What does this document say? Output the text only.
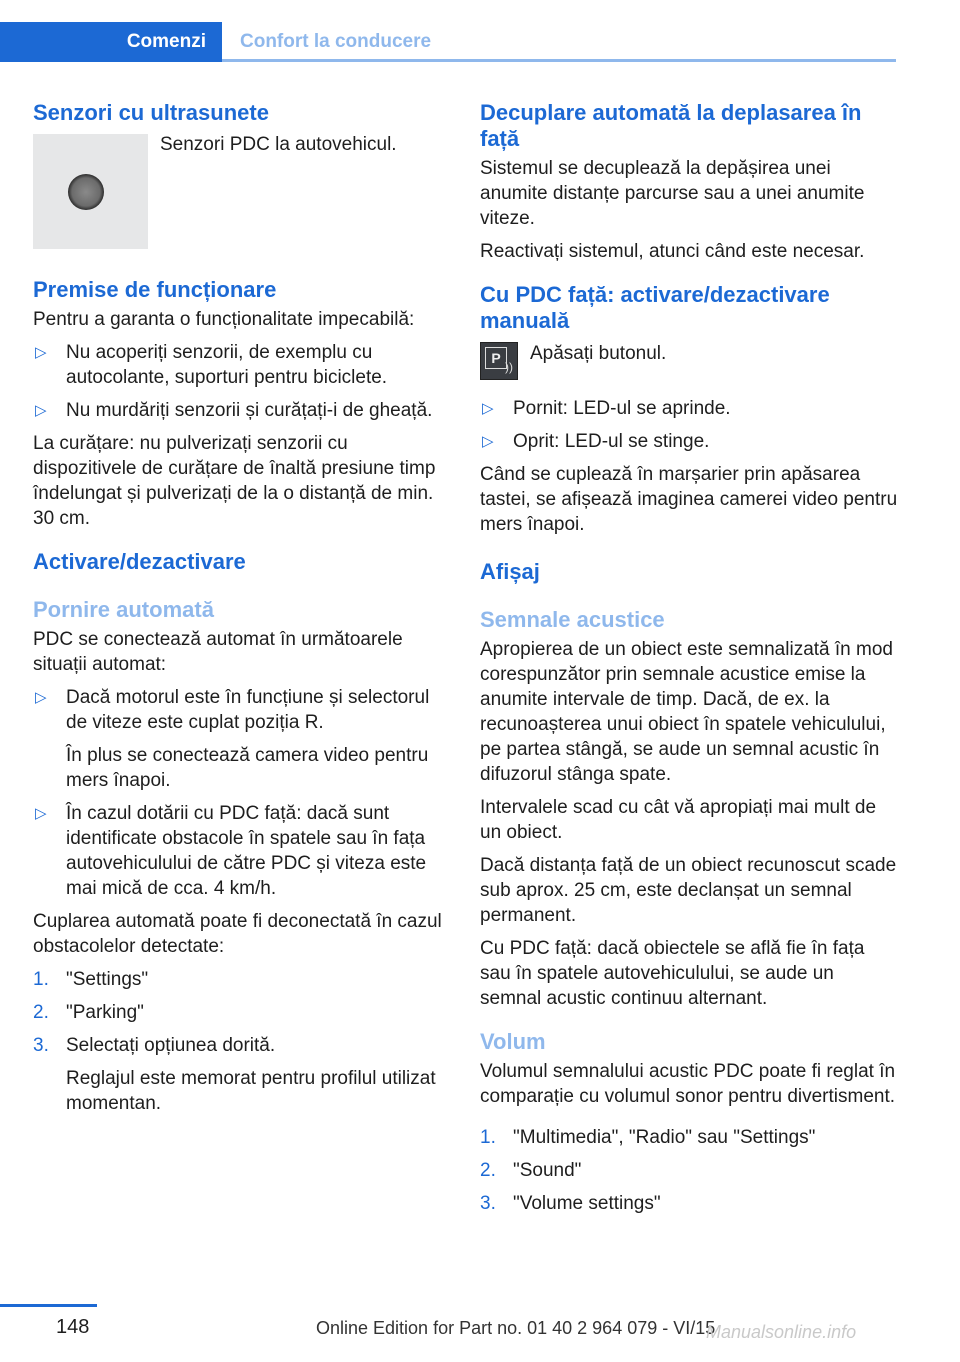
Comenzi	Confort la conducere
Senzori cu ultrasunete
Senzori PDC la autovehicul.
Premise de funcționare

Pentru a garanta o funcționalitate impecabilă:

▷ Nu acoperiți senzorii, de exemplu cu autocolante, suporturi pentru biciclete.
▷ Nu murdăriți senzorii și curățați-i de gheață.

La curățare: nu pulverizați senzorii cu dispozitivele de curățare de înaltă presiune timp îndelungat și pulverizați de la o distanță de min. 30 cm.

Activare/dezactivare
Pornire automată

PDC se conectează automat în următoarele situații automat:

▷ Dacă motorul este în funcțiune și selectorul de viteze este cuplat poziția R.
În plus se conectează camera video pentru mers înapoi.
▷ În cazul dotării cu PDC față: dacă sunt identificate obstacole în spatele sau în fața autovehiculului de către PDC și viteza este mai mică de cca. 4 km/h.

Cuplarea automată poate fi deconectată în cazul obstacolelor detectate:

1. "Settings"
2. "Parking"
3. Selectați opțiunea dorită.
Reglajul este memorat pentru profilul utilizat momentan.
Decuplare automată la deplasarea în față

Sistemul se decuplează la depășirea unei anumite distanțe parcurse sau a unei anumite viteze.

Reactivați sistemul, atunci când este necesar.

Cu PDC față: activare/dezactivare manuală
P
))
Apăsați butonul.
▷ Pornit: LED-ul se aprinde.
▷ Oprit: LED-ul se stinge.

Când se cuplează în marșarier prin apăsarea tastei, se afișează imaginea camerei video pentru mers înapoi.

Afișaj
Semnale acustice

Apropierea de un obiect este semnalizată în mod corespunzător prin semnale acustice emise la anumite intervale de timp. Dacă, de ex. la recunoașterea unui obiect în spatele vehiculului, pe partea stângă, se aude un semnal acustic în difuzorul stânga spate.

Intervalele scad cu cât vă apropiați mai mult de un obiect.

Dacă distanța față de un obiect recunoscut scade sub aprox. 25 cm, este declanșat un semnal permanent.

Cu PDC față: dacă obiectele se află fie în fața sau în spatele autovehiculului, se aude un semnal acustic continuu alternant.

Volum

Volumul semnalului acustic PDC poate fi reglat în comparație cu volumul sonor pentru divertisment.

1. "Multimedia", "Radio" sau "Settings"
2. "Sound"
3. "Volume settings"
148	Online Edition for Part no. 01 40 2 964 079 - VI/15
Manualsonline.info
